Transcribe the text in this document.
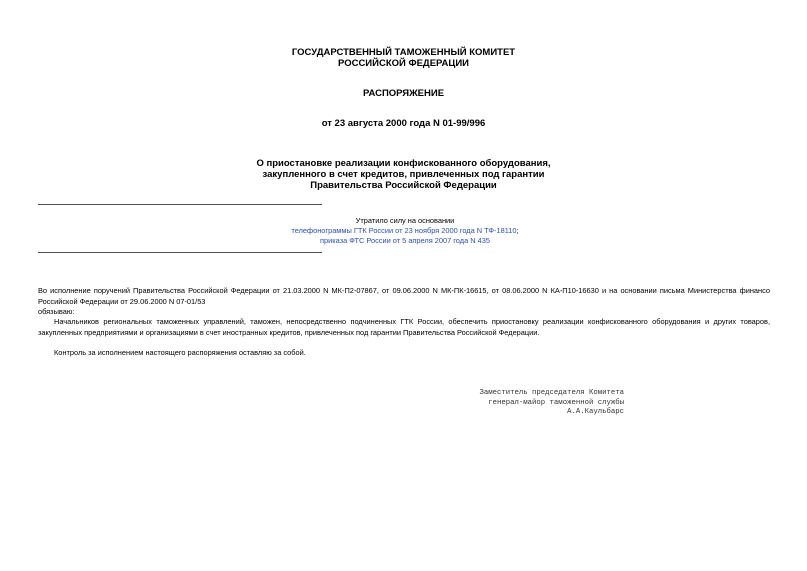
ГОСУДАРСТВЕННЫЙ ТАМОЖЕННЫЙ КОМИТЕТ
РОССИЙСКОЙ ФЕДЕРАЦИИ
РАСПОРЯЖЕНИЕ
от 23 августа 2000 года N 01-99/996
О приостановке реализации конфискованного оборудования,
закупленного в счет кредитов, привлеченных под гарантии
Правительства Российской Федерации
Утратило силу на основании
телефонограммы ГТК России от 23 ноября 2000 года N ТФ-18110;
приказа ФТС России от 5 апреля 2007 года N 435
Во исполнение поручений Правительства Российской Федерации от 21.03.2000 N МК-П2-07867, от 09.06.2000 N МК-ПК-16615, от 08.06.2000 N КА-П10-16630 и на основании письма Министерства финансо Российской Федерации от 29.06.2000 N 07-01/53
обязываю:
Начальников региональных таможенных управлений, таможен, непосредственно подчиненных ГТК России, обеспечить приостановку реализации конфискованного оборудования и других товаров, закупленных предприятиями и организациями в счет иностранных кредитов, привлеченных под гарантии Правительства Российской Федерации.
Контроль за исполнением настоящего распоряжения оставляю за собой.
Заместитель председателя Комитета
генерал-майор таможенной службы
А.А.Каульбарс
